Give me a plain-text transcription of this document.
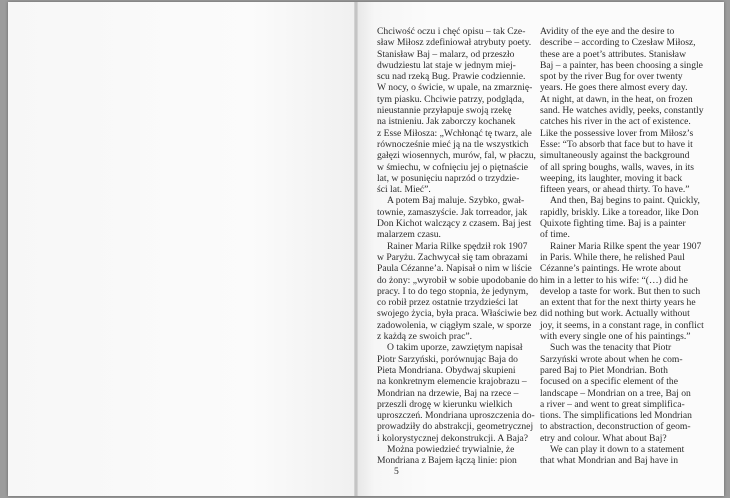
Chciwość oczu i chęć opisu – tak Cze-
sław Miłosz zdefiniował atrybuty poety.
Stanisław Baj – malarz, od przeszło
dwudziestu lat staje w jednym miej-
scu nad rzeką Bug. Prawie codziennie.
W nocy, o świcie, w upale, na zmarznię-
tym piasku. Chciwie patrzy, podgląda,
nieustannie przyłapuje swoją rzekę
na istnieniu. Jak zaborczy kochanek
z Esse Miłosza: „Wchłonąć tę twarz, ale
równocześnie mieć ją na tle wszystkich
gałęzi wiosennych, murów, fal, w płaczu,
w śmiechu, w cofnięciu jej o piętnaście
lat, w posunięciu naprzód o trzydzie-
ści lat. Mieć”.
A potem Baj maluje. Szybko, gwał-
townie, zamaszyście. Jak torreador, jak
Don Kichot walczący z czasem. Baj jest
malarzem czasu.
Rainer Maria Rilke spędził rok 1907
w Paryżu. Zachwycał się tam obrazami
Paula Cézanne’a. Napisał o nim w liście
do żony: „wyrobił w sobie upodobanie do
pracy. I to do tego stopnia, że jedynym,
co robił przez ostatnie trzydzieści lat
swojego życia, była praca. Właściwie bez
zadowolenia, w ciągłym szale, w sporze
z każdą ze swoich prac”.
O takim uporze, zawziętym napisał
Piotr Sarzyński, porównując Baja do
Pieta Mondriana. Obydwaj skupieni
na konkretnym elemencie krajobrazu –
Mondrian na drzewie, Baj na rzece –
przeszli drogę w kierunku wielkich
uproszczeń. Mondriana uproszczenia do-
prowadziły do abstrakcji, geometrycznej
i kolorystycznej dekonstrukcji. A Baja?
Można powiedzieć trywialnie, że
Mondriana z Bajem łączą linie: pion
Avidity of the eye and the desire to
describe – according to Czesław Miłosz,
these are a poet’s attributes. Stanisław
Baj – a painter, has been choosing a single
spot by the river Bug for over twenty
years. He goes there almost every day.
At night, at dawn, in the heat, on frozen
sand. He watches avidly, peeks, constantly
catches his river in the act of existence.
Like the possessive lover from Miłosz’s
Esse: “To absorb that face but to have it
simultaneously against the background
of all spring boughs, walls, waves, in its
weeping, its laughter, moving it back
fifteen years, or ahead thirty. To have.”
And then, Baj begins to paint. Quickly,
rapidly, briskly. Like a toreador, like Don
Quixote fighting time. Baj is a painter
of time.
Rainer Maria Rilke spent the year 1907
in Paris. While there, he relished Paul
Cézanne’s paintings. He wrote about
him in a letter to his wife: “(…) did he
develop a taste for work. But then to such
an extent that for the next thirty years he
did nothing but work. Actually without
joy, it seems, in a constant rage, in conflict
with every single one of his paintings.”
Such was the tenacity that Piotr
Sarzyński wrote about when he com-
pared Baj to Piet Mondrian. Both
focused on a specific element of the
landscape – Mondrian on a tree, Baj on
a river – and went to great simplifica-
tions. The simplifications led Mondrian
to abstraction, deconstruction of geom-
etry and colour. What about Baj?
We can play it down to a statement
that what Mondrian and Baj have in
5
